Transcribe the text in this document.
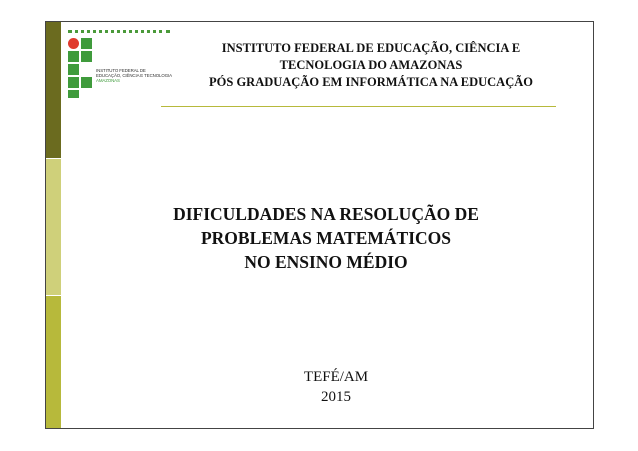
INSTITUTO FEDERAL DE
EDUCAÇÃO, CIÊNCIA E TECNOLOGIA
AMAZONAS
INSTITUTO FEDERAL DE EDUCAÇÃO, CIÊNCIA E
TECNOLOGIA DO AMAZONAS
PÓS GRADUAÇÃO EM INFORMÁTICA NA EDUCAÇÃO
DIFICULDADES NA RESOLUÇÃO DE
PROBLEMAS MATEMÁTICOS
NO ENSINO MÉDIO
TEFÉ/AM
2015
